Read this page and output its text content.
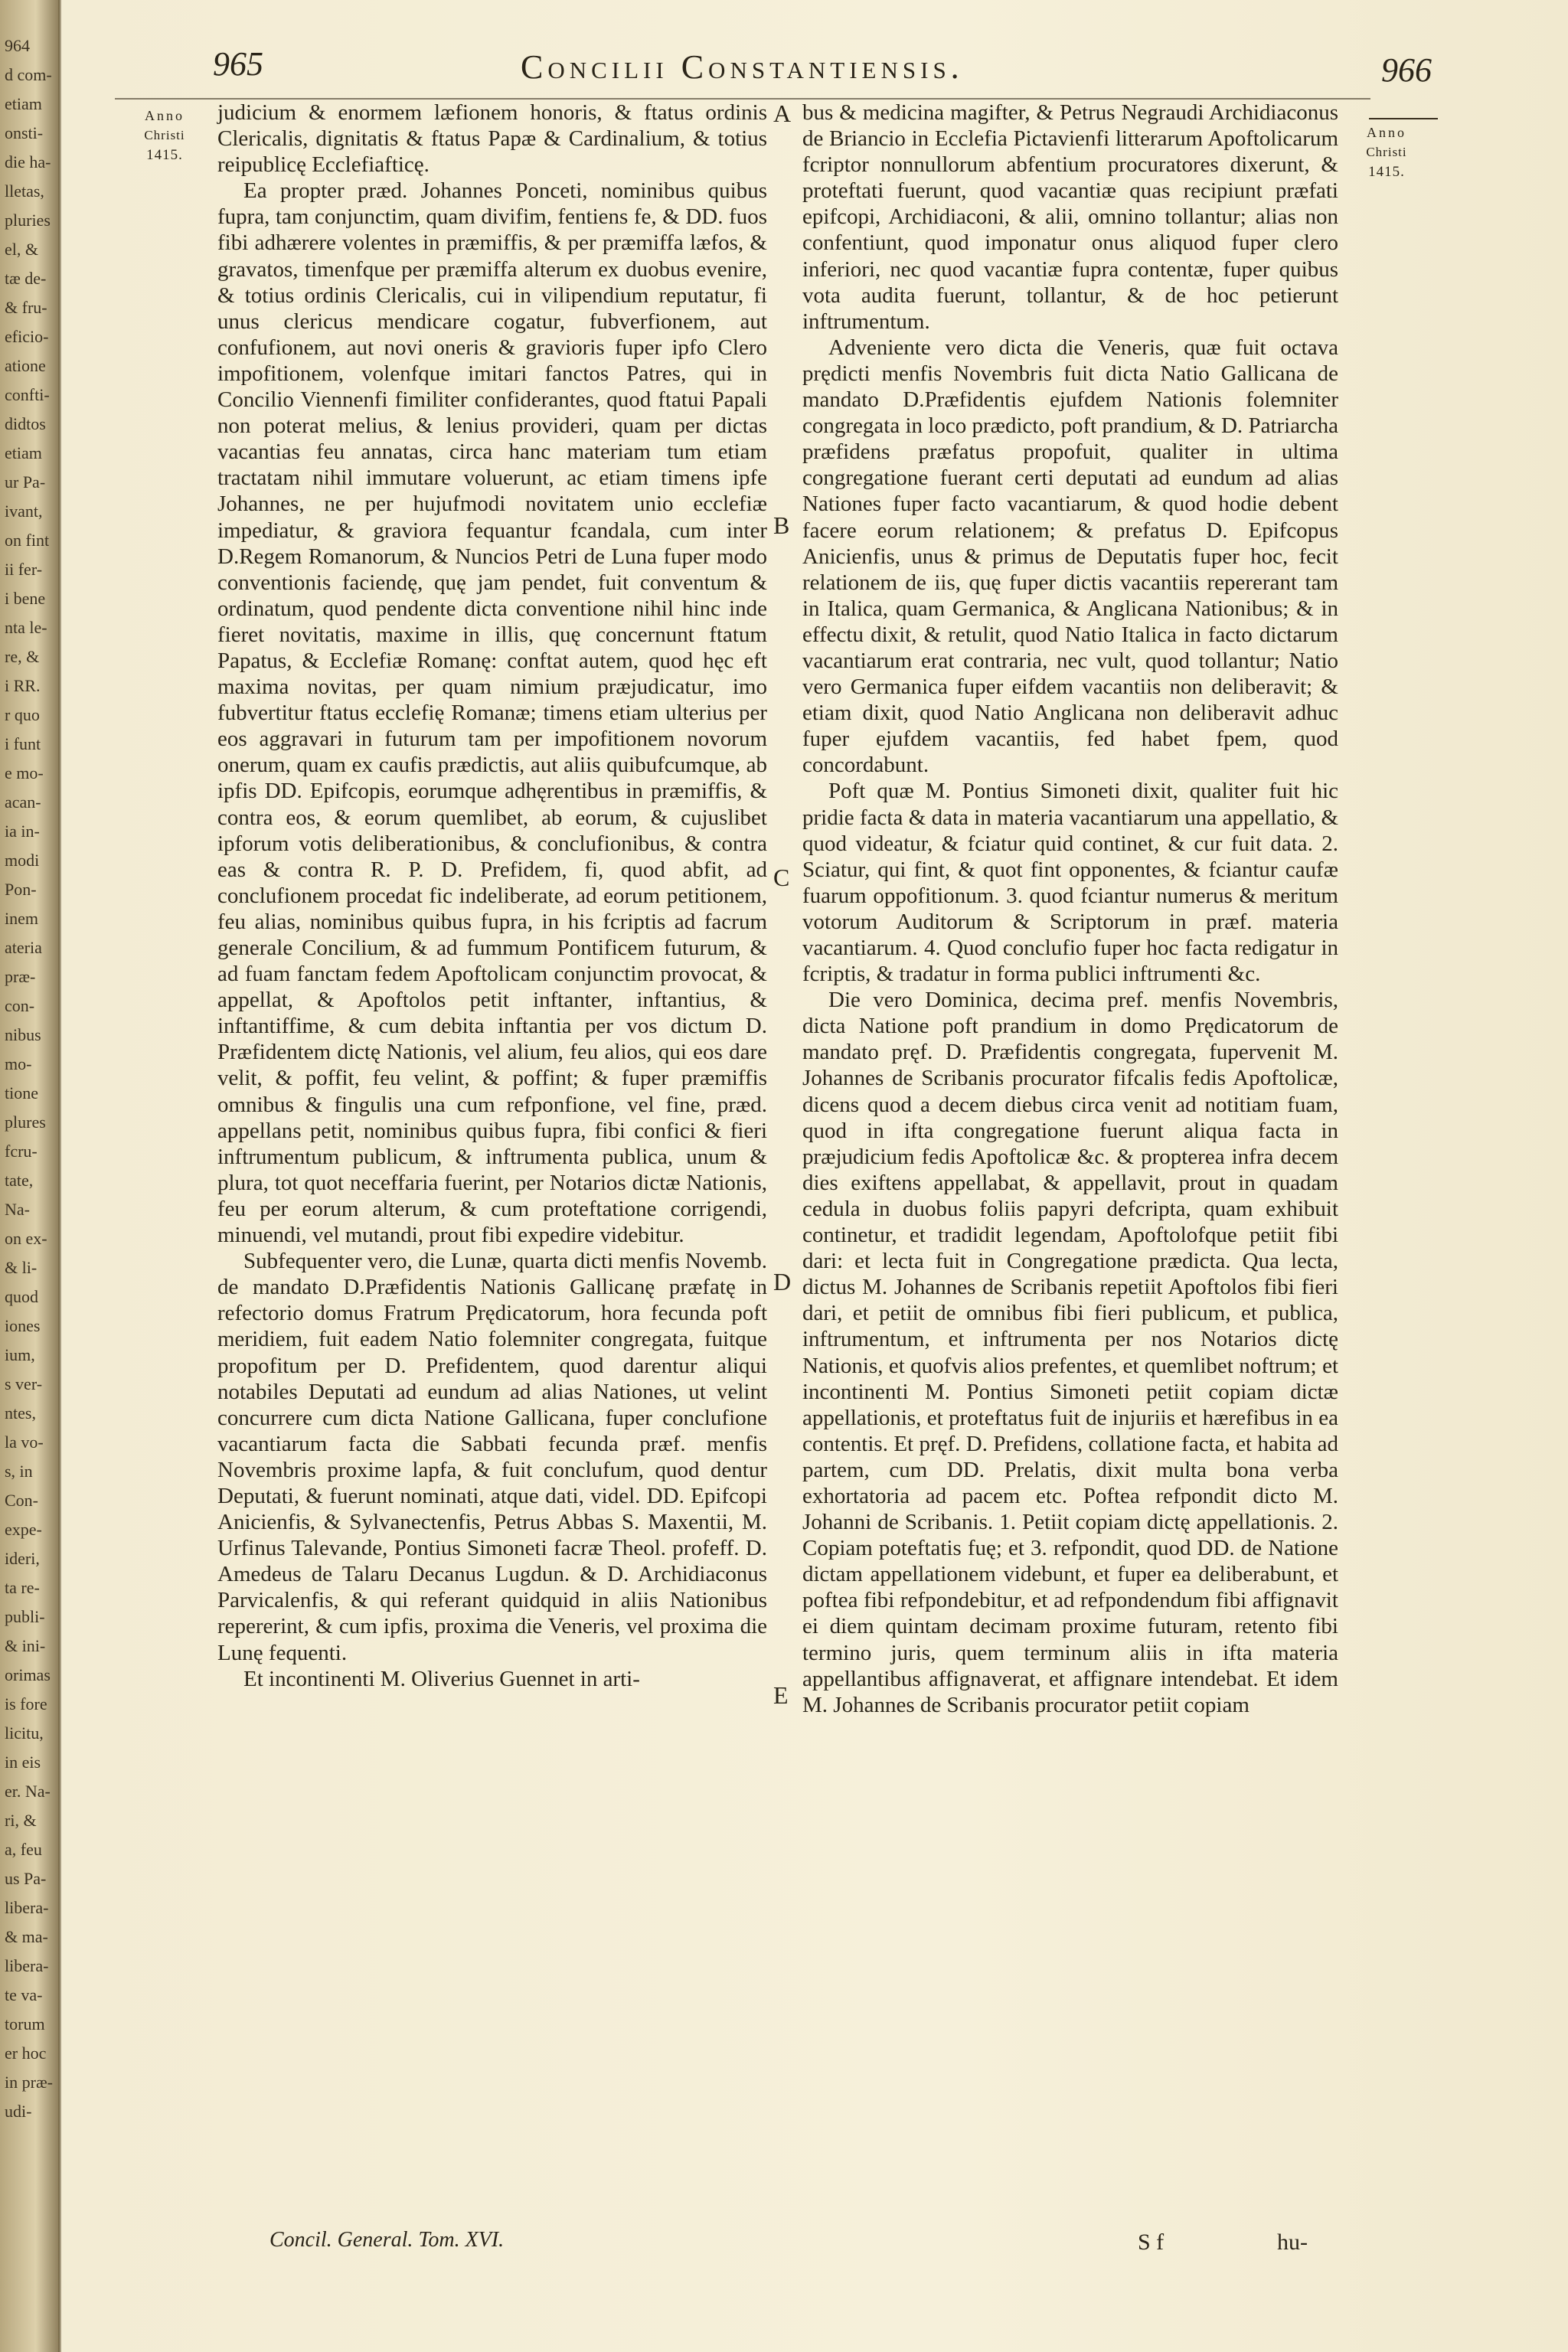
964
d com-
etiam
onsti-
die ha-
lletas,
pluries
el, &
tæ de-
& fru-
eficio-
atione
confti-
didtos
etiam
ur Pa-
ivant,
on fint
ii fer-
i bene
nta le-
re, &
i RR.
r quo
i funt
e mo-
acan-
ia in-
modi
Pon-
inem
ateria
præ-
con-
nibus
mo-
tione
plures
fcru-
tate,
Na-
on ex-
& li-
quod
iones
ium,
s ver-
ntes,
la vo-
s, in
Con-
expe-
ideri,
ta re-
publi-
& ini-
orimas
is fore
licitu,
in eis
er. Na-
ri, &
a, feu
us Pa-
libera-
& ma-
libera-
te va-
torum
er hoc
in præ-
udi-
965	Concilii Constantiensis.	966
Anno
Christi
1415.
Anno
Christi
1415.

judicium & enormem læfionem honoris, & ftatus ordinis Clericalis, dignitatis & ftatus Papæ & Cardinalium, & totius reipublicę Ecclefiafticę.

Ea propter præd. Johannes Ponceti, nominibus quibus fupra, tam conjunctim, quam divifim, fentiens fe, & DD. fuos fibi adhærere volentes in præmiffis, & per præmiffa læfos, & gravatos, timenfque per præmiffa alterum ex duobus evenire, & totius ordinis Clericalis, cui in vilipendium reputatur, fi unus clericus mendicare cogatur, fubverfionem, aut confufionem, aut novi oneris & gravioris fuper ipfo Clero impofitionem, volenfque imitari fanctos Patres, qui in Concilio Viennenfi fimiliter confiderantes, quod ftatui Papali non poterat melius, & lenius provideri, quam per dictas vacantias feu annatas, circa hanc materiam tum etiam tractatam nihil immutare voluerunt, ac etiam timens ipfe Johannes, ne per hujufmodi novitatem unio ecclefiæ impediatur, & graviora fequantur fcandala, cum inter D.Regem Romanorum, & Nuncios Petri de Luna fuper modo conventionis faciendę, quę jam pendet, fuit conventum & ordinatum, quod pendente dicta conventione nihil hinc inde fieret novitatis, maxime in illis, quę concernunt ftatum Papatus, & Ecclefiæ Romanę: conftat autem, quod hęc eft maxima novitas, per quam nimium præjudicatur, imo fubvertitur ftatus ecclefię Romanæ; timens etiam ulterius per eos aggravari in futurum tam per impofitionem novorum onerum, quam ex caufis prædictis, aut aliis quibufcumque, ab ipfis DD. Epifcopis, eorumque adhęrentibus in præmiffis, & contra eos, & eorum quemlibet, ab eorum, & cujuslibet ipforum votis deliberationibus, & conclufionibus, & contra eas & contra R. P. D. Prefidem, fi, quod abfit, ad conclufionem procedat fic indeliberate, ad eorum petitionem, feu alias, nominibus quibus fupra, in his fcriptis ad facrum generale Concilium, & ad fummum Pontificem futurum, & ad fuam fanctam fedem Apoftolicam conjunctim provocat, & appellat, & Apoftolos petit inftanter, inftantius, & inftantiffime, & cum debita inftantia per vos dictum D. Præfidentem dictę Nationis, vel alium, feu alios, qui eos dare velit, & poffit, feu velint, & poffint; & fuper præmiffis omnibus & fingulis una cum refponfione, vel fine, præd. appellans petit, nominibus quibus fupra, fibi confici & fieri inftrumentum publicum, & inftrumenta publica, unum & plura, tot quot neceffaria fuerint, per Notarios dictæ Nationis, feu per eorum alterum, & cum proteftatione corrigendi, minuendi, vel mutandi, prout fibi expedire videbitur.

Subfequenter vero, die Lunæ, quarta dicti menfis Novemb. de mandato D.Præfidentis Nationis Gallicanę præfatę in refectorio domus Fratrum Prędicatorum, hora fecunda poft meridiem, fuit eadem Natio folemniter congregata, fuitque propofitum per D. Prefidentem, quod darentur aliqui notabiles Deputati ad eundum ad alias Nationes, ut velint concurrere cum dicta Natione Gallicana, fuper conclufione vacantiarum facta die Sabbati fecunda præf. menfis Novembris proxime lapfa, & fuit conclufum, quod dentur Deputati, & fuerunt nominati, atque dati, videl. DD. Epifcopi Anicienfis, & Sylvanectenfis, Petrus Abbas S. Maxentii, M. Urfinus Talevande, Pontius Simoneti facræ Theol. profeff. D. Amedeus de Talaru Decanus Lugdun. & D. Archidiaconus Parvicalenfis, & qui referant quidquid in aliis Nationibus repererint, & cum ipfis, proxima die Veneris, vel proxima die Lunę fequenti.

Et incontinenti M. Oliverius Guennet in arti-

A
B
C
D
E

bus & medicina magifter, & Petrus Negraudi Archidiaconus de Briancio in Ecclefia Pictavienfi litterarum Apoftolicarum fcriptor nonnullorum abfentium procuratores dixerunt, & proteftati fuerunt, quod vacantiæ quas recipiunt præfati epifcopi, Archidiaconi, & alii, omnino tollantur; alias non confentiunt, quod imponatur onus aliquod fuper clero inferiori, nec quod vacantiæ fupra contentæ, fuper quibus vota audita fuerunt, tollantur, & de hoc petierunt inftrumentum.

Adveniente vero dicta die Veneris, quæ fuit octava prędicti menfis Novembris fuit dicta Natio Gallicana de mandato D.Præfidentis ejufdem Nationis folemniter congregata in loco prædicto, poft prandium, & D. Patriarcha præfidens præfatus propofuit, qualiter in ultima congregatione fuerant certi deputati ad eundum ad alias Nationes fuper facto vacantiarum, & quod hodie debent facere eorum relationem; & prefatus D. Epifcopus Anicienfis, unus & primus de Deputatis fuper hoc, fecit relationem de iis, quę fuper dictis vacantiis repererant tam in Italica, quam Germanica, & Anglicana Nationibus; & in effectu dixit, & retulit, quod Natio Italica in facto dictarum vacantiarum erat contraria, nec vult, quod tollantur; Natio vero Germanica fuper eifdem vacantiis non deliberavit; & etiam dixit, quod Natio Anglicana non deliberavit adhuc fuper ejufdem vacantiis, fed habet fpem, quod concordabunt.

Poft quæ M. Pontius Simoneti dixit, qualiter fuit hic pridie facta & data in materia vacantiarum una appellatio, & quod videatur, & fciatur quid continet, & cur fuit data. 2. Sciatur, qui fint, & quot fint opponentes, & fciantur caufæ fuarum oppofitionum. 3. quod fciantur numerus & meritum votorum Auditorum & Scriptorum in præf. materia vacantiarum. 4. Quod conclufio fuper hoc facta redigatur in fcriptis, & tradatur in forma publici inftrumenti &c.

Die vero Dominica, decima pref. menfis Novembris, dicta Natione poft prandium in domo Prędicatorum de mandato pręf. D. Præfidentis congregata, fupervenit M. Johannes de Scribanis procurator fifcalis fedis Apoftolicæ, dicens quod a decem diebus circa venit ad notitiam fuam, quod in ifta congregatione fuerunt aliqua facta in præjudicium fedis Apoftolicæ &c. & propterea infra decem dies exiftens appellabat, & appellavit, prout in quadam cedula in duobus foliis papyri defcripta, quam exhibuit continetur, et tradidit legendam, Apoftolofque petiit fibi dari: et lecta fuit in Congregatione prædicta. Qua lecta, dictus M. Johannes de Scribanis repetiit Apoftolos fibi fieri dari, et petiit de omnibus fibi fieri publicum, et publica, inftrumentum, et inftrumenta per nos Notarios dictę Nationis, et quofvis alios prefentes, et quemlibet noftrum; et incontinenti M. Pontius Simoneti petiit copiam dictæ appellationis, et proteftatus fuit de injuriis et hærefibus in ea contentis. Et pręf. D. Prefidens, collatione facta, et habita ad partem, cum DD. Prelatis, dixit multa bona verba exhortatoria ad pacem etc. Poftea refpondit dicto M. Johanni de Scribanis. 1. Petiit copiam dictę appellationis. 2. Copiam poteftatis fuę; et 3. refpondit, quod DD. de Natione dictam appellationem videbunt, et fuper ea deliberabunt, et poftea fibi refpondebitur, et ad refpondendum fibi affignavit ei diem quintam decimam proxime futuram, retento fibi termino juris, quem terminum aliis in ifta materia appellantibus affignaverat, et affignare intendebat. Et idem M. Johannes de Scribanis procurator petiit copiam

Concil. General. Tom. XVI.	S f	hu-
